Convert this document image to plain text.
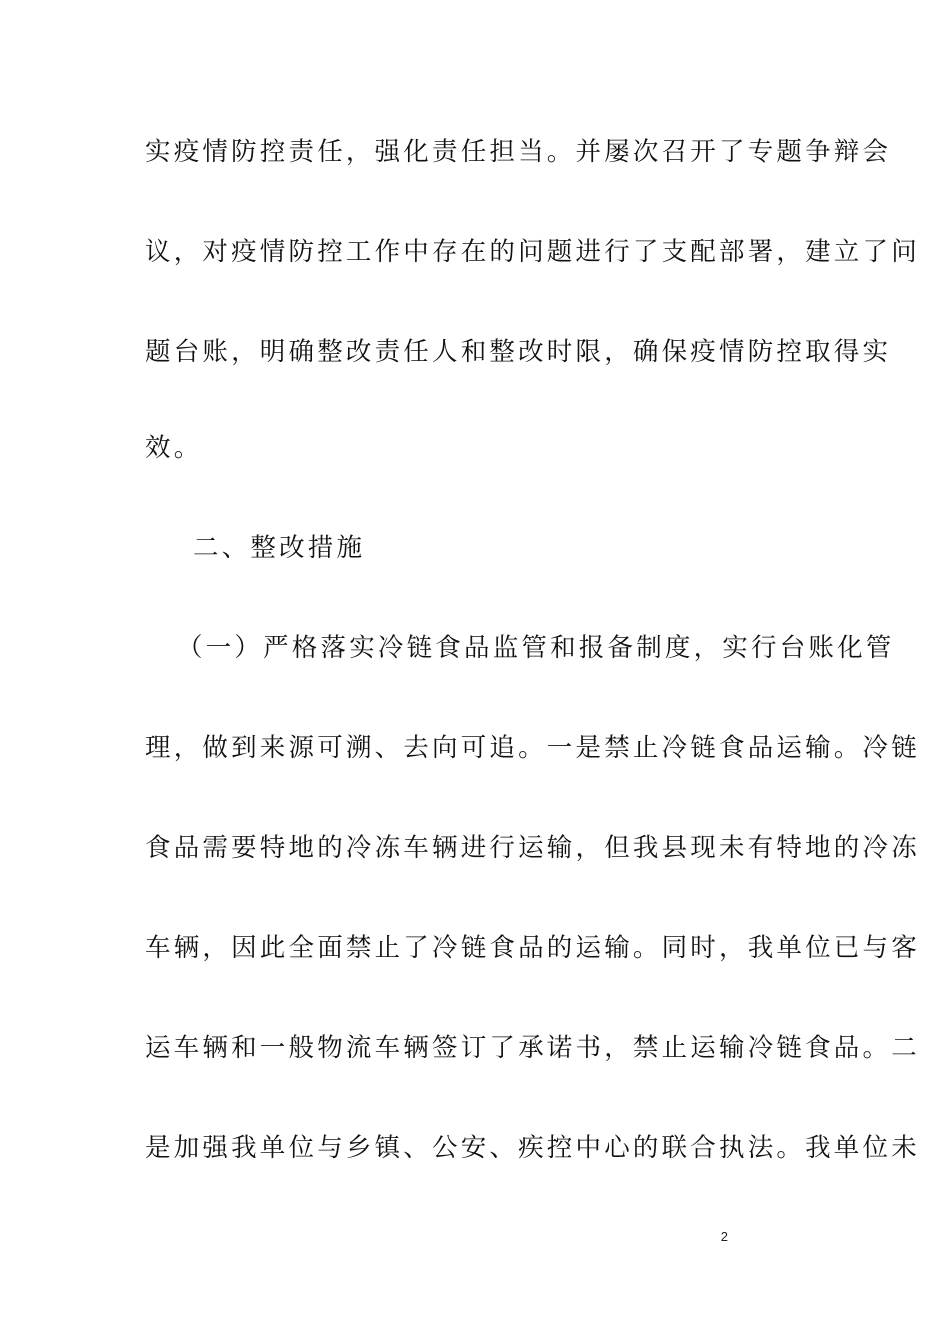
实疫情防控责任，强化责任担当。并屡次召开了专题争辩会
议，对疫情防控工作中存在的问题进行了支配部署，建立了问
题台账，明确整改责任人和整改时限，确保疫情防控取得实
效。
二、整改措施
（一）严格落实冷链食品监管和报备制度，实行台账化管
理，做到来源可溯、去向可追。一是禁止冷链食品运输。冷链
食品需要特地的冷冻车辆进行运输，但我县现未有特地的冷冻
车辆，因此全面禁止了冷链食品的运输。同时，我单位已与客
运车辆和一般物流车辆签订了承诺书，禁止运输冷链食品。二
是加强我单位与乡镇、公安、疾控中心的联合执法。我单位未
2
